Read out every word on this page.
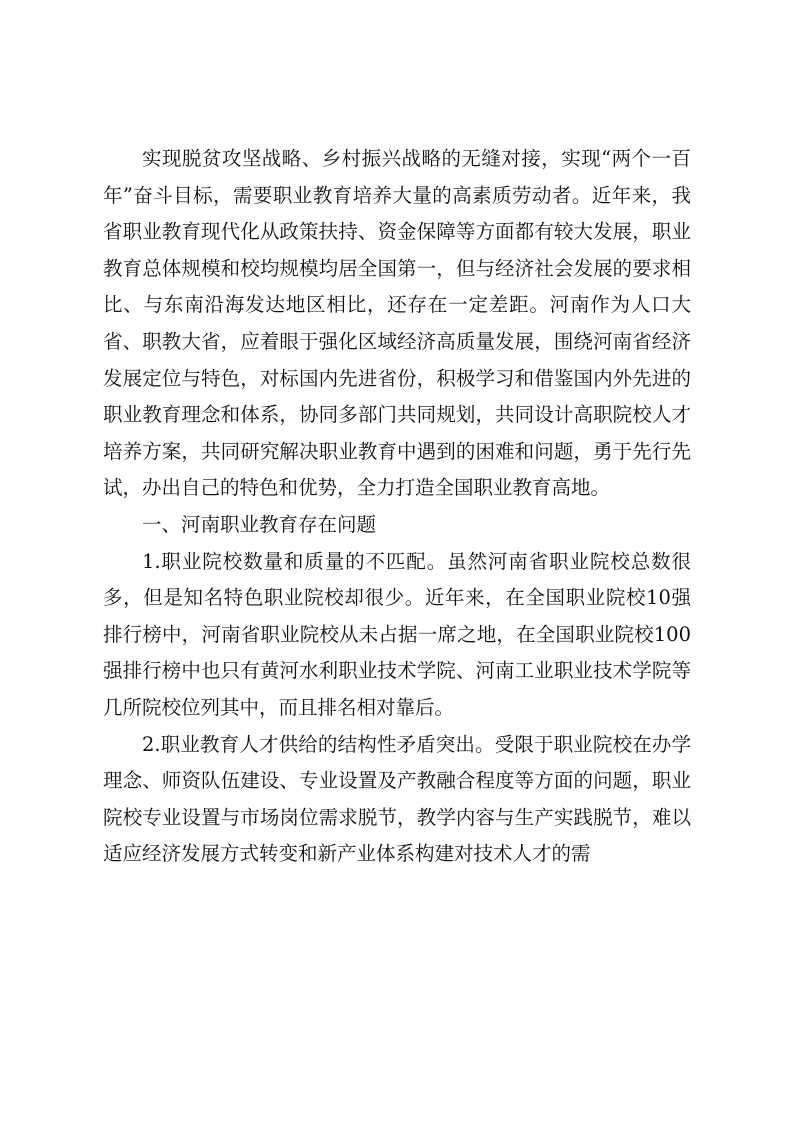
实现脱贫攻坚战略、乡村振兴战略的无缝对接，实现“两个一百年”奋斗目标，需要职业教育培养大量的高素质劳动者。近年来，我省职业教育现代化从政策扶持、资金保障等方面都有较大发展，职业教育总体规模和校均规模均居全国第一，但与经济社会发展的要求相比、与东南沿海发达地区相比，还存在一定差距。河南作为人口大省、职教大省，应着眼于强化区域经济高质量发展，围绕河南省经济发展定位与特色，对标国内先进省份，积极学习和借鉴国内外先进的职业教育理念和体系，协同多部门共同规划，共同设计高职院校人才培养方案，共同研究解决职业教育中遇到的困难和问题，勇于先行先试，办出自己的特色和优势，全力打造全国职业教育高地。

一、河南职业教育存在问题

1.职业院校数量和质量的不匹配。虽然河南省职业院校总数很多，但是知名特色职业院校却很少。近年来，在全国职业院校10强排行榜中，河南省职业院校从未占据一席之地，在全国职业院校100强排行榜中也只有黄河水利职业技术学院、河南工业职业技术学院等几所院校位列其中，而且排名相对靠后。

2.职业教育人才供给的结构性矛盾突出。受限于职业院校在办学理念、师资队伍建设、专业设置及产教融合程度等方面的问题，职业院校专业设置与市场岗位需求脱节，教学内容与生产实践脱节，难以适应经济发展方式转变和新产业体系构建对技术人才的需
